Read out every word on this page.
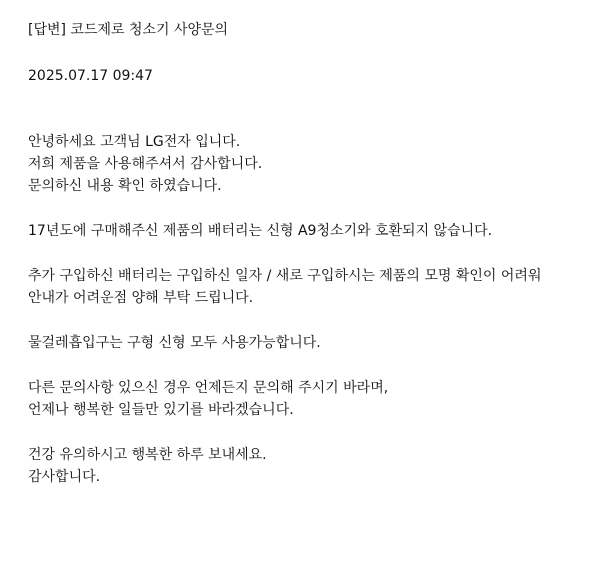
[답변] 코드제로 청소기 사양문의
2025.07.17 09:47
안녕하세요 고객님 LG전자 입니다.
저희 제품을 사용해주셔서 감사합니다.
문의하신 내용 확인 하였습니다.
17년도에 구매해주신 제품의 배터리는 신형 A9청소기와 호환되지 않습니다.
추가 구입하신 배터리는 구입하신 일자 / 새로 구입하시는 제품의 모명 확인이 어려워
안내가 어려운점 양해 부탁 드립니다.
물걸레흡입구는 구형 신형 모두 사용가능합니다.
다른 문의사항 있으신 경우 언제든지 문의해 주시기 바라며,
언제나 행복한 일들만 있기를 바라겠습니다.
건강 유의하시고 행복한 하루 보내세요.
감사합니다.
